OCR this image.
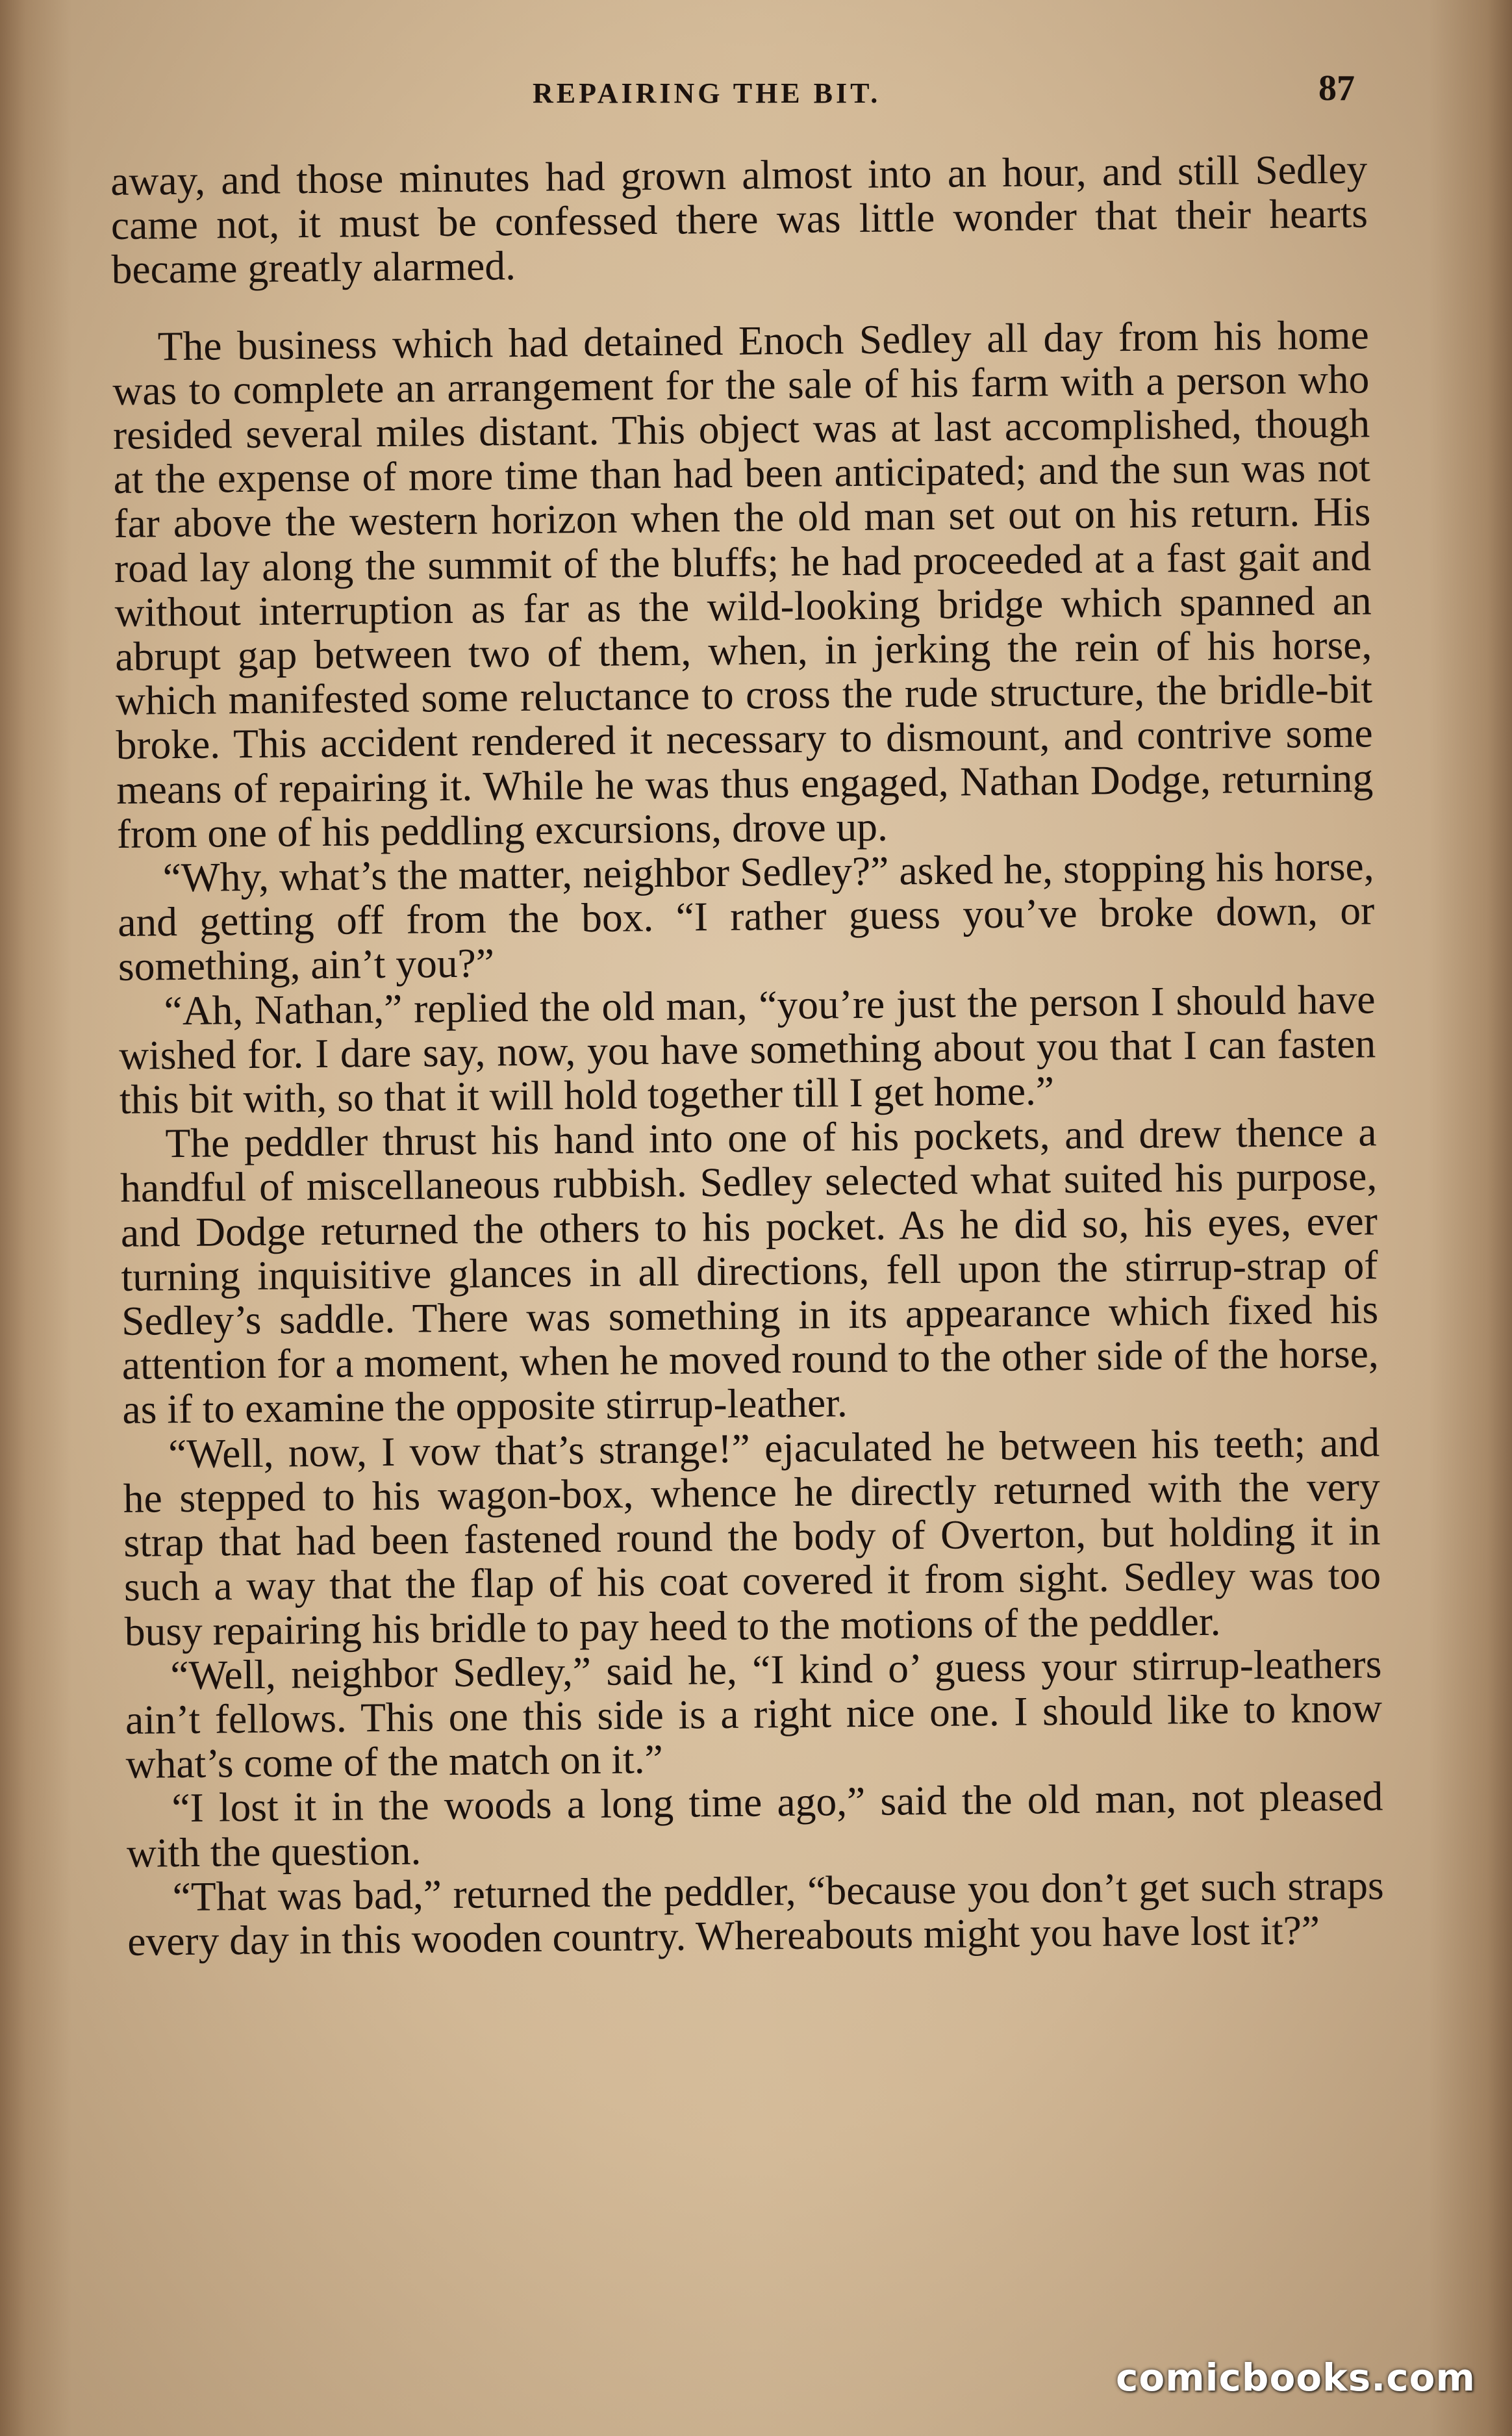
REPAIRING THE BIT.	87

away, and those minutes had grown almost into an hour, and still Sedley came not, it must be confessed there was little wonder that their hearts became greatly alarmed.

The business which had detained Enoch Sedley all day from his home was to complete an arrangement for the sale of his farm with a person who resided several miles distant. This object was at last accomplished, though at the expense of more time than had been anticipated; and the sun was not far above the western horizon when the old man set out on his return. His road lay along the summit of the bluffs; he had proceeded at a fast gait and without interruption as far as the wild-looking bridge which spanned an abrupt gap between two of them, when, in jerking the rein of his horse, which manifested some reluctance to cross the rude structure, the bridle-bit broke. This accident rendered it necessary to dismount, and contrive some means of repairing it. While he was thus engaged, Nathan Dodge, returning from one of his peddling excursions, drove up.

“Why, what’s the matter, neighbor Sedley?” asked he, stopping his horse, and getting off from the box. “I rather guess you’ve broke down, or something, ain’t you?”

“Ah, Nathan,” replied the old man, “you’re just the person I should have wished for. I dare say, now, you have something about you that I can fasten this bit with, so that it will hold together till I get home.”

The peddler thrust his hand into one of his pockets, and drew thence a handful of miscellaneous rubbish. Sedley selected what suited his purpose, and Dodge returned the others to his pocket. As he did so, his eyes, ever turning inquisitive glances in all directions, fell upon the stirrup-strap of Sedley’s saddle. There was something in its appearance which fixed his attention for a moment, when he moved round to the other side of the horse, as if to examine the opposite stirrup-leather.

“Well, now, I vow that’s strange!” ejaculated he between his teeth; and he stepped to his wagon-box, whence he directly returned with the very strap that had been fastened round the body of Overton, but holding it in such a way that the flap of his coat covered it from sight. Sedley was too busy repairing his bridle to pay heed to the motions of the peddler.

“Well, neighbor Sedley,” said he, “I kind o’ guess your stirrup-leathers ain’t fellows. This one this side is a right nice one. I should like to know what’s come of the match on it.”

“I lost it in the woods a long time ago,” said the old man, not pleased with the question.

“That was bad,” returned the peddler, “because you don’t get such straps every day in this wooden country. Whereabouts might you have lost it?”

comicbooks.com
